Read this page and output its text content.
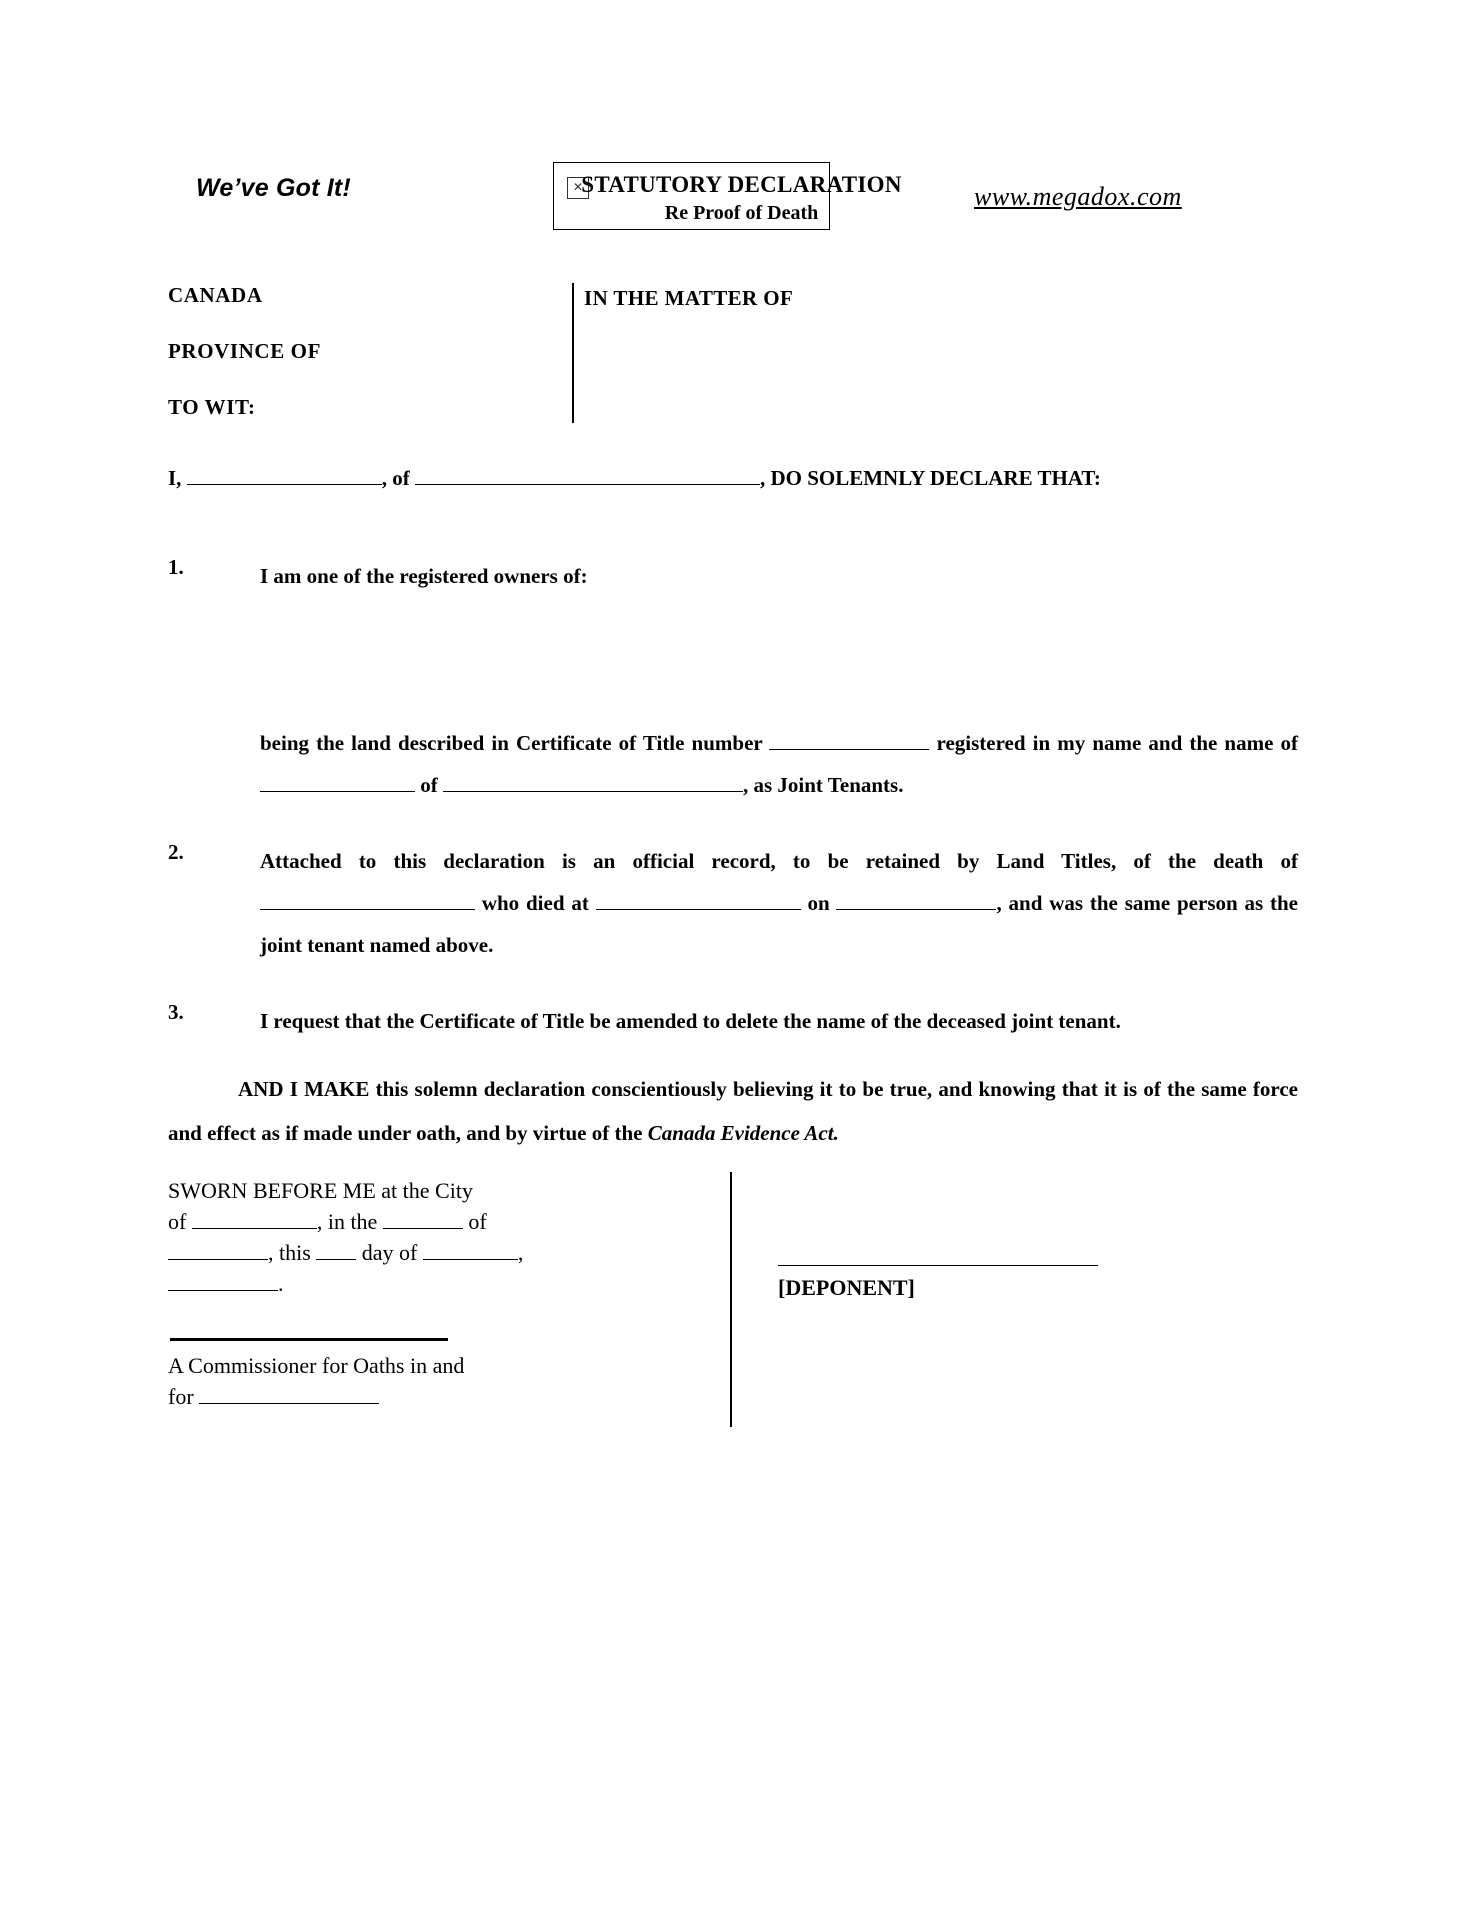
We’ve Got It!	✕	www.megadox.com
STATUTORY DECLARATION
Re Proof of Death
CANADA
PROVINCE OF
TO WIT:
IN THE MATTER OF
I,	, of	, DO SOLEMNLY DECLARE THAT:
1.	I am one of the registered owners of:
being the land described in Certificate of Title number	registered in my name and the name of  of	, as Joint Tenants.
2.	Attached to this declaration is an official record, to be retained by Land Titles, of the death of  who died at	on	, and was the same person as the joint tenant named above.
3.	I request that the Certificate of Title be amended to delete the name of the deceased joint tenant.
AND I MAKE this solemn declaration conscientiously believing it to be true, and knowing that it is of the same force and effect as if made under oath, and by virtue of the Canada Evidence Act.
SWORN BEFORE ME at the City
of	, in the	of
, this  day of	,
.
A Commissioner for Oaths in and
for
[DEPONENT]
